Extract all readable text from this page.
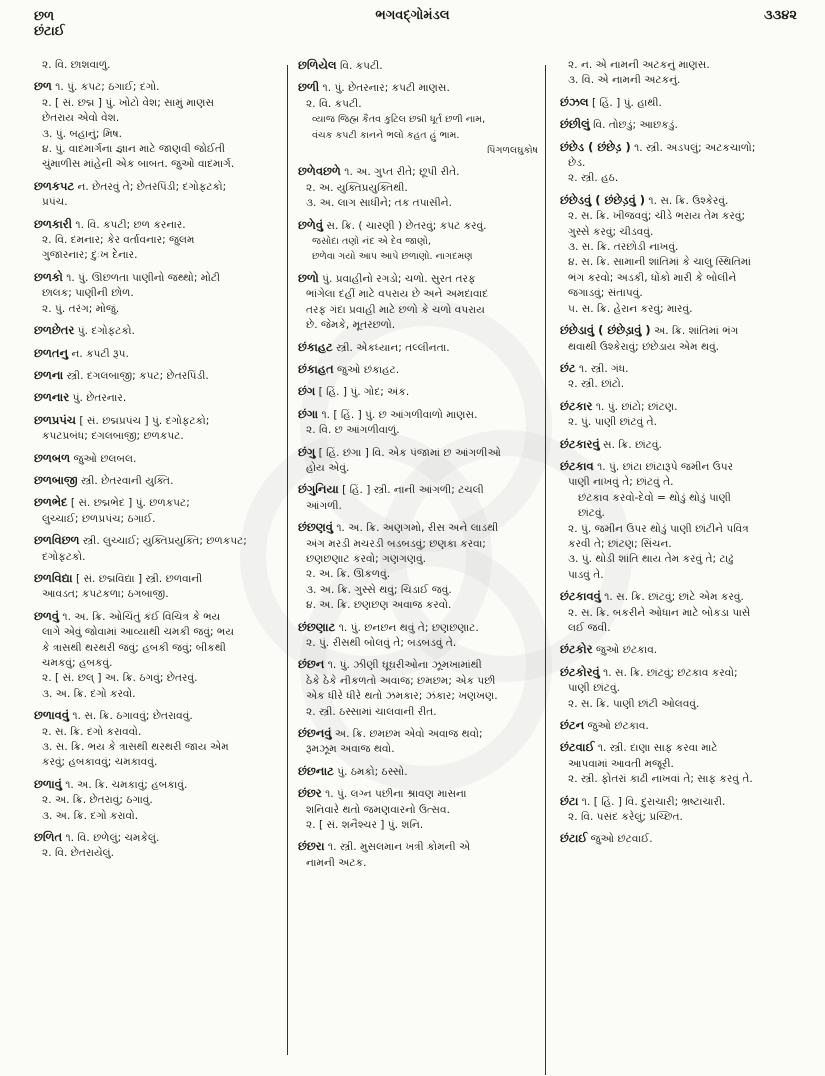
છળ
છંટાઈ
ભગવદ્ગોમંડલ	૩૩૪૨
૨. વિ. છાશવાળું.
છળ ૧. પું. કપટ; ઠગાઈ; દગો.
૨. [ સં. છદ્મ ] પું. ખોટો વેશ; સામું માણસ
છેતરાય એવો વેશ.
૩. પું. બહાનું; મિષ.
૪. પું. વાદમાર્ગના જ્ઞાન માટે જાણવી જોઈતી
ચુંમાળીસ માંહેની એક બાબત. જુઓ વાદમાર્ગ.
છળકપટ ન. છેતરવું તે; છેતરપિંડી; દગોફટકો;
પ્રપંચ.
છળકારી ૧. વિ. કપટી; છળ કરનાર.
૨. વિ. દમનાર; કેર વર્તાવનાર; જુલમ
ગુજારનાર; દુઃખ દેનાર.
છળકો ૧. પું. ઊછળતા પાણીનો જથ્થો; મોટી
છાલક; પાણીની છોળ.
૨. પું. તરંગ; મોજું.
છળછેતર પું. દગોફટકો.
છળતનુ ન. કપટી રૂપ.
છળના સ્ત્રી. દગલબાજી; કપટ; છેતરપિંડી.
છળનાર પું. છેતરનાર.
છળપ્રપંચ [ સં. છદ્મપ્રપંચ ] પું. દગોફટકો;
કપટપ્રબંધ; દગલબાજી; છળકપટ.
છળબળ જુઓ છલબલ.
છળબાજી સ્ત્રી. છેતરવાની યુક્તિ.
છળભેદ [ સં. છદ્મભેદ ] પું. છળકપટ;
લુચ્ચાઈ; છળપ્રપંચ; ઠગાઈ.
છળવિછળ સ્ત્રી. લુચ્ચાઈ; યુક્તિપ્રયુક્તિ; છળકપટ;
દગોફટકો.
છળવિદ્યા [ સં. છદ્મવિદ્યા ] સ્ત્રી. છળવાની
આવડત; કપટકળા; ઠગબાજી.
છળવું ૧. અ. ક્રિ. ઓચિંતું કંઈ વિચિત્ર કે ભય
લાગે એવું જોવામાં આવ્યાથી ચમકી જવું; ભય
કે ત્રાસથી થરથરી જવું; હબકી જવું; બીકથી
ચમકવું; હબકવું.
૨. [ સં. છલ્ ] અ. ક્રિ. ઠગવું; છેતરવું.
૩. અ. ક્રિ. દગો કરવો.
છળાવવું ૧. સ. ક્રિ. ઠગાવવું; છેતરાવવું.
૨. સ. ક્રિ. દગો કરાવવો.
૩. સ. ક્રિ. ભય કે ત્રાસથી થરથરી જાય એમ
કરવું; હબકાવવું; ચમકાવવું.
છળાવું ૧. અ. ક્રિ. ચમકાવું; હબકાવું.
૨. અ. ક્રિ. છેતરાવું; ઠગાવું.
૩. અ. ક્રિ. દગો કરાવો.
છળિત ૧. વિ. છળેલું; ચમકેલું.
૨. વિ. છેતરાયેલું.
છળિયેલ વિ. કપટી.
છળી ૧. પું. છેતરનાર; કપટી માણસ.
૨. વિ. કપટી.
વ્યાજ જિહ્મ કૈતવ કુટિલ છદ્મી ધૂર્ત છળી નામ,
વંચક કપટી કાનને ભલો કહત હું ભામ.
પિંગળલઘુકોષ
છળેવછળે ૧. અ. ગુપ્ત રીતે; છૂપી રીતે.
૨. અ. યુક્તિપ્રયુક્તિથી.
૩. અ. લાગ સાધીને; તક તપાસીને.
છળેવું સ. ક્રિ. ( ચારણી ) છેતરવું; કપટ કરવું.
જસોદા તણો નંદ એ દેવ જાણો,
છળેવા ગયો આપ આપે છળાણો. નાગદમણ
છળો પું. પ્રવાહીનો રગડો; ચળો. સુરત તરફ
ભાંગેલા દહીં માટે વપરાય છે અને અમદાવાદ
તરફ ગંદા પ્રવાહી માટે છળો કે ચળો વપરાય
છે. જેમકે, મૂતરછળો.
છંકાહટ સ્ત્રી. એકધ્યાન; તલ્લીનતા.
છંકાહત જુઓ છંકાહટ.
છંગ [ હિં. ] પું. ગોદ; અંક.
છંગા ૧. [ હિં. ] પું. છ આંગળીવાળો માણસ.
૨. વિ. છ આંગળીવાળું.
છંગુ [ હિં. છંગા ] વિ. એક પંજામાં છ આંગળીઓ
હોય એવું.
છંગુનિયા [ હિં. ] સ્ત્રી. નાની આંગળી; ટચલી
આંગળી.
છંછણવું ૧. અ. ક્રિ. અણગમો, રીસ અને લાડથી
અંગ મરડી મચરડી બડબડવું; છણકા કરવા;
છણછણાટ કરવો; ગણગણવું.
૨. અ. ક્રિ. ઊકળવું.
૩. અ. ક્રિ. ગુસ્સે થવું; ચિડાઈ જવું.
૪. અ. ક્રિ. છણછણ અવાજ કરવો.
છંછણાટ ૧. પું. છનછન થવું તે; છણછણાટ.
૨. પું. રીસથી બોલવું તે; બડબડવું તે.
છંછન ૧. પું. ઝીણી ઘૂઘરીઓના ઝૂમખામાંથી
ઠેકે ઠેકે નીકળતો અવાજ; છમછમ; એક પછી
એક ધીરે ધીરે થતો ઝમકાર; ઝંકાર; ખણખણ.
૨. સ્ત્રી. ઠસ્સામાં ચાલવાની રીત.
છંછનવું અ. ક્રિ. છમછમ એવો અવાજ થવો;
રૂમઝૂમ અવાજ થવો.
છંછનાટ પું. ઠમકો; ઠસ્સો.
છંછર ૧. પું. લગ્ન પછીના શ્રાવણ માસના
શનિવારે થતો જમણવારનો ઉત્સવ.
૨. [ સં. શનૈશ્ચર ] પું. શનિ.
છંછરા ૧. સ્ત્રી. મુસલમાન ખત્રી કોમની એ
નામની અટક.
૨. ન. એ નામની અટકનું માણસ.
૩. વિ. એ નામની અટકનું.
છંઝલ [ હિં. ] પું. હાથી.
છંછીલું વિ. તોછડું; આછકડું.
છંછેડ ( છંછેડ઼ ) ૧. સ્ત્રી. અડપલું; અટકચાળો;
છેડ.
૨. સ્ત્રી. હઠ.
છંછેડવું ( છંછેડ઼વું ) ૧. સ. ક્રિ. ઉશ્કેરવું.
૨. સ. ક્રિ. ખીજવવું; ચીડે ભરાય તેમ કરવું;
ગુસ્સે કરવું; ચીડવવું.
૩. સ. ક્રિ. તરછોડી નાખવું.
૪. સ. ક્રિ. સામાની શાંતિમાં કે ચાલુ સ્થિતિમાં
ભંગ કરવો; અડકી, ધોંકો મારી કે બોલીને
જગાડવું; સંતાપવું.
૫. સ. ક્રિ. હેરાન કરવું; મારવું.
છંછેડાવું ( છંછેડ઼ાવું ) અ. ક્રિ. શાંતિમાં ભંગ
થવાથી ઉશ્કેરાવું; છંછેડાય એમ થવું.
છંટ ૧. સ્ત્રી. ગંધ.
૨. સ્ત્રી. છાંટો.
છંટકાર ૧. પું. છાંટો; છાંટણ.
૨. પું. પાણી છાંટવું તે.
છંટકારવું સ. ક્રિ. છાંટવું.
છંટકાવ ૧. પું. છાંટા છાંટારૂપે જમીન ઉપર
પાણી નાખવું તે; છાંટવું તે.
છંટકાવ કરવો-દેવો = થોડું થોડું પાણી
છાંટવું.
૨. પું. જમીન ઉપર થોડું પાણી છાંટીને પવિત્ર
કરવી તે; છાંટણ; સિંચન.
૩. પું. થોડી શાંતિ થાય તેમ કરવું તે; ટાઢું
પાડવું તે.
છંટકાવવું ૧. સ. ક્રિ. છાંટવું; છાંટે એમ કરવું.
૨. સ. ક્રિ. બકરીને ઓધાન માટે બોકડા પાસે
લઈ જવી.
છંટકોર જુઓ છંટકાવ.
છંટકોરવું ૧. સ. ક્રિ. છાંટવું; છંટકાવ કરવો;
પાણી છાંટવું.
૨. સ. ક્રિ. પાણી છાંટી ઓલવવું.
છંટન જુઓ છંટકાવ.
છંટવાઈ ૧. સ્ત્રી. દાણા સાફ કરવા માટે
આપવામાં આવતી મજૂરી.
૨. સ્ત્રી. ફોતરાં કાઢી નાખવાં તે; સાફ કરવું તે.
છંટા ૧. [ હિં. ] વિ. દુરાચારી; ભ્રષ્ટાચારી.
૨. વિ. પસંદ કરેલું; પ્રચ્છિત.
છંટાઈ જુઓ છંટવાઈ.
